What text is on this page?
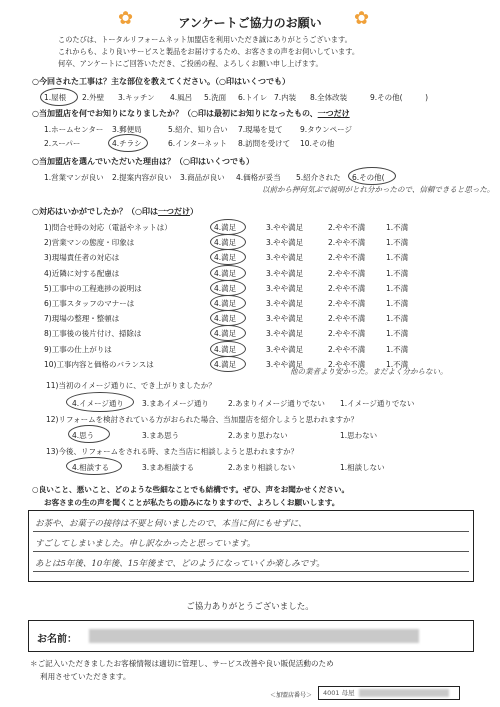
✿	✿
アンケートご協力のお願い
このたびは、トータルリフォームネット加盟店を利用いただき誠にありがとうございます。
これからも、より良いサービスと製品をお届けするため、お客さまの声をお伺いしています。
何卒、アンケートにご回答いただき、ご投函の程、よろしくお願い申し上げます。
○今回された工事は？主な部位を教えてください。（○印はいくつでも）
1.屋根 2.外壁 3.キッチン 4.風呂 5.洗面 6.トイレ 7.内装 8.全体改装	9.その他(　　　)
○当加盟店を何でお知りになりましたか？（○印は最初にお知りになったもの、一つだけ
1.ホームセンター 3.郵便局	5.紹介、知り合い 7.現場を見て 9.タウンページ
2.スーパー	4.チラシ	6.インターネット 8.訪問を受けて 10.その他
○当加盟店を選んでいただいた理由は？（○印はいくつでも）
1.営業マンが良い 2.提案内容が良い 3.商品が良い 4.価格が妥当 5.紹介された 6.その他(
以前から押何気ぶで説明がとれ分かったので、信頼できると思った。
○対応はいかがでしたか？（○印は一つだけ）
1)問合せ時の対応（電話やネットは）	4.満足	3.やや満足	2.やや不満	1.不満
2)営業マンの態度・印象は	4.満足	3.やや満足	2.やや不満	1.不満
3)現場責任者の対応は	4.満足	3.やや満足	2.やや不満	1.不満
4)近隣に対する配慮は	4.満足	3.やや満足	2.やや不満	1.不満
5)工事中の工程進捗の説明は	4.満足	3.やや満足	2.やや不満	1.不満
6)工事スタッフのマナーは	4.満足	3.やや満足	2.やや不満	1.不満
7)現場の整理・整頓は	4.満足	3.やや満足	2.やや不満	1.不満
8)工事後の後片付け、掃除は	4.満足	3.やや満足	2.やや不満	1.不満
9)工事の仕上がりは	4.満足	3.やや満足	2.やや不満	1.不満
10)工事内容と価格のバランスは	4.満足	3.やや満足	2.やや不満	1.不満
他の業者より安かった。まだよく分からない。
11)当初のイメージ通りに、でき上がりましたか？
4.イメージ通り 3.まあイメージ通り	2.あまりイメージ通りでない 1.イメージ通りでない
12)リフォームを検討されている方がおられた場合、当加盟店を紹介しようと思われますか？
4.思う	3.まあ思う	2.あまり思わない	1.思わない
13)今後、リフォームをされる時、また当店に相談しようと思われますか？
4.相談する	3.まあ相談する	2.あまり相談しない	1.相談しない
○良いこと、悪いこと、どのような些細なことでも結構です。ぜひ、声をお聞かせください。
お客さまの生の声を聞くことが私たちの励みになりますので、よろしくお願いします。
お茶や、お菓子の接待は不要と伺いましたので、本当に何にもせずに、
すごしてしまいました。申し訳なかったと思っています。
あとは5年後、10年後、15年後まで、どのようになっていくか楽しみです。
ご協力ありがとうございました。
お名前：
＊ご記入いただきましたお客様情報は適切に管理し、サービス改善や良い販促活動のため
利用させていただきます。
＜加盟店番号＞ 4001 母屋
